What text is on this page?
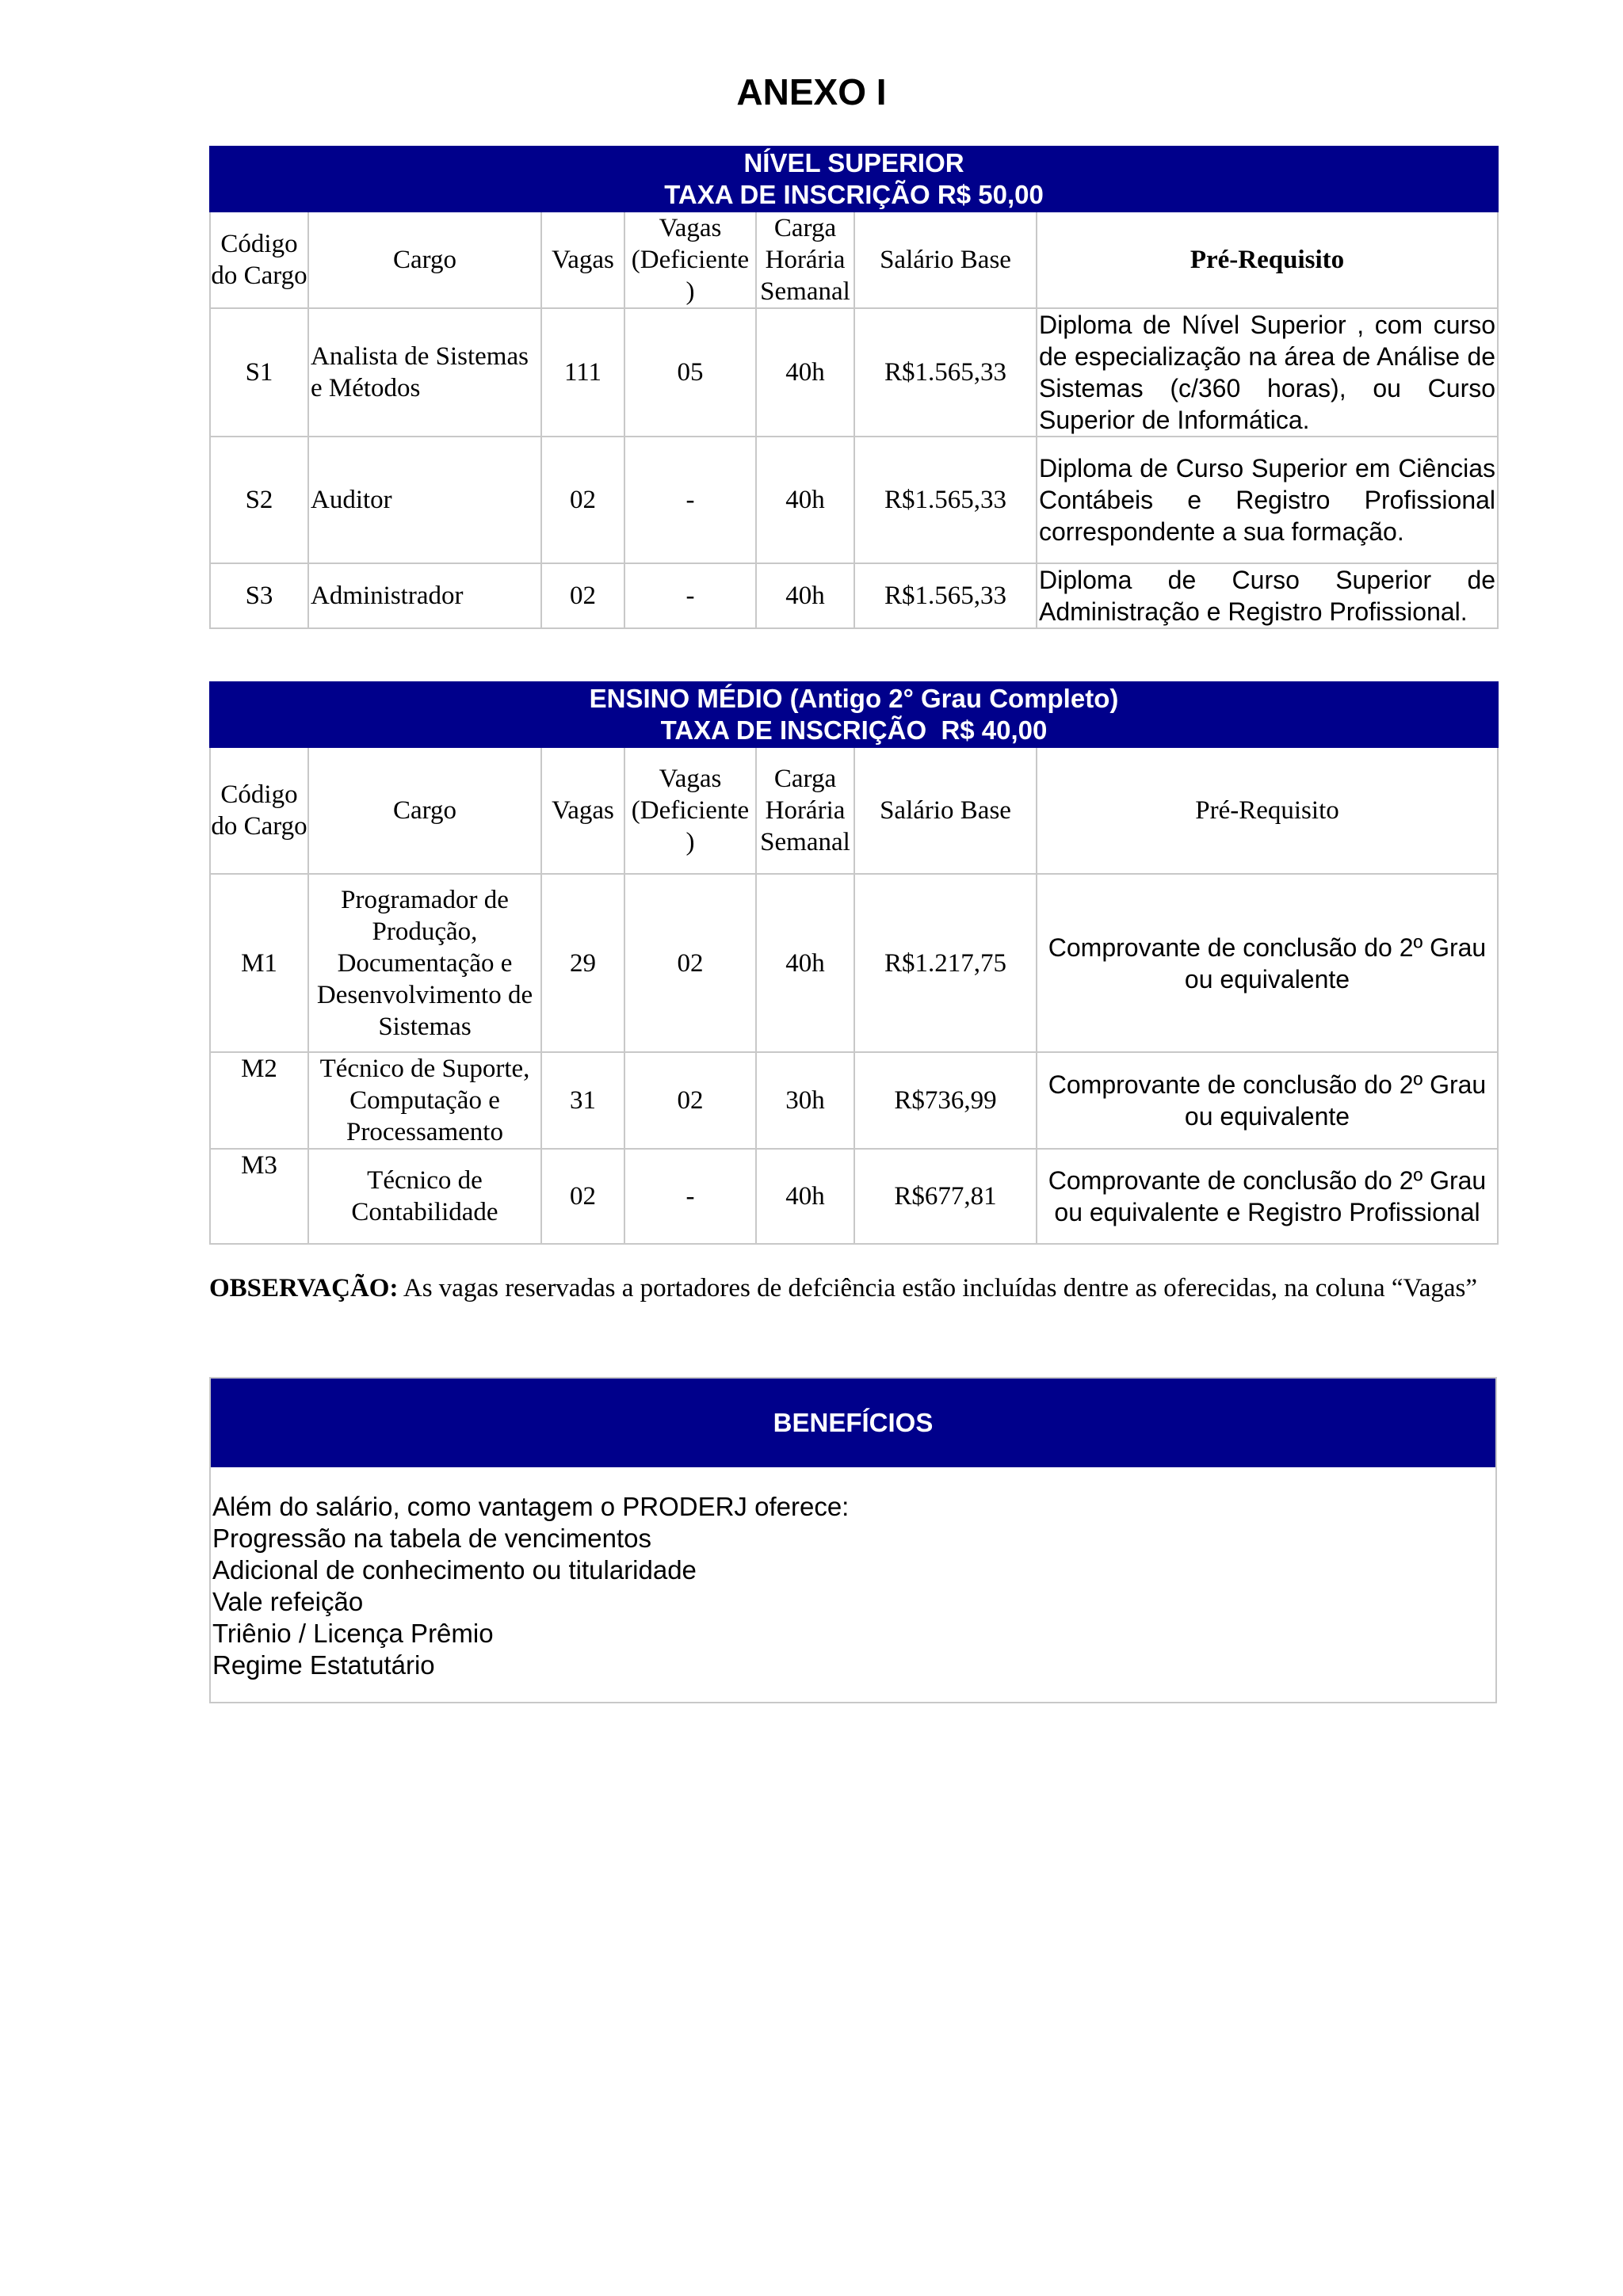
ANEXO I
NÍVEL SUPERIOR
TAXA DE INSCRIÇÃO R$ 50,00						

Código do Cargo	Cargo	Vagas	Vagas (Deficiente )	Carga Horária Semanal	Salário Base	Pré-Requisito
S1	Analista de Sistemas e Métodos	111	05	40h	R$1.565,33	Diploma de Nível Superior , com curso de especialização na área de Análise de Sistemas (c/360 horas), ou Curso Superior de Informática.
S2	Auditor	02	-	40h	R$1.565,33	Diploma de Curso Superior em Ciências Contábeis e Registro Profissional correspondente a sua formação.
S3	Administrador	02	-	40h	R$1.565,33	Diploma de Curso Superior de Administração e Registro Profissional.
ENSINO MÉDIO (Antigo 2° Grau Completo)
TAXA DE INSCRIÇÃO  R$ 40,00						

Código do Cargo	Cargo	Vagas	Vagas (Deficiente )	Carga Horária Semanal	Salário Base	Pré-Requisito
M1	Programador de Produção, Documentação e Desenvolvimento de Sistemas	29	02	40h	R$1.217,75	Comprovante de conclusão do 2º Grau ou equivalente
M2	Técnico de Suporte, Computação e Processamento	31	02	30h	R$736,99	Comprovante de conclusão do 2º Grau ou equivalente
M3	Técnico de Contabilidade	02	-	40h	R$677,81	Comprovante de conclusão do 2º Grau ou equivalente e Registro Profissional

OBSERVAÇÃO: As vagas reservadas a portadores de defciência estão incluídas dentre as oferecidas, na coluna “Vagas”

BENEFÍCIOS
Além do salário, como vantagem o PRODERJ oferece:
Progressão na tabela de vencimentos
Adicional de conhecimento ou titularidade
Vale refeição
Triênio / Licença Prêmio
Regime Estatutário
